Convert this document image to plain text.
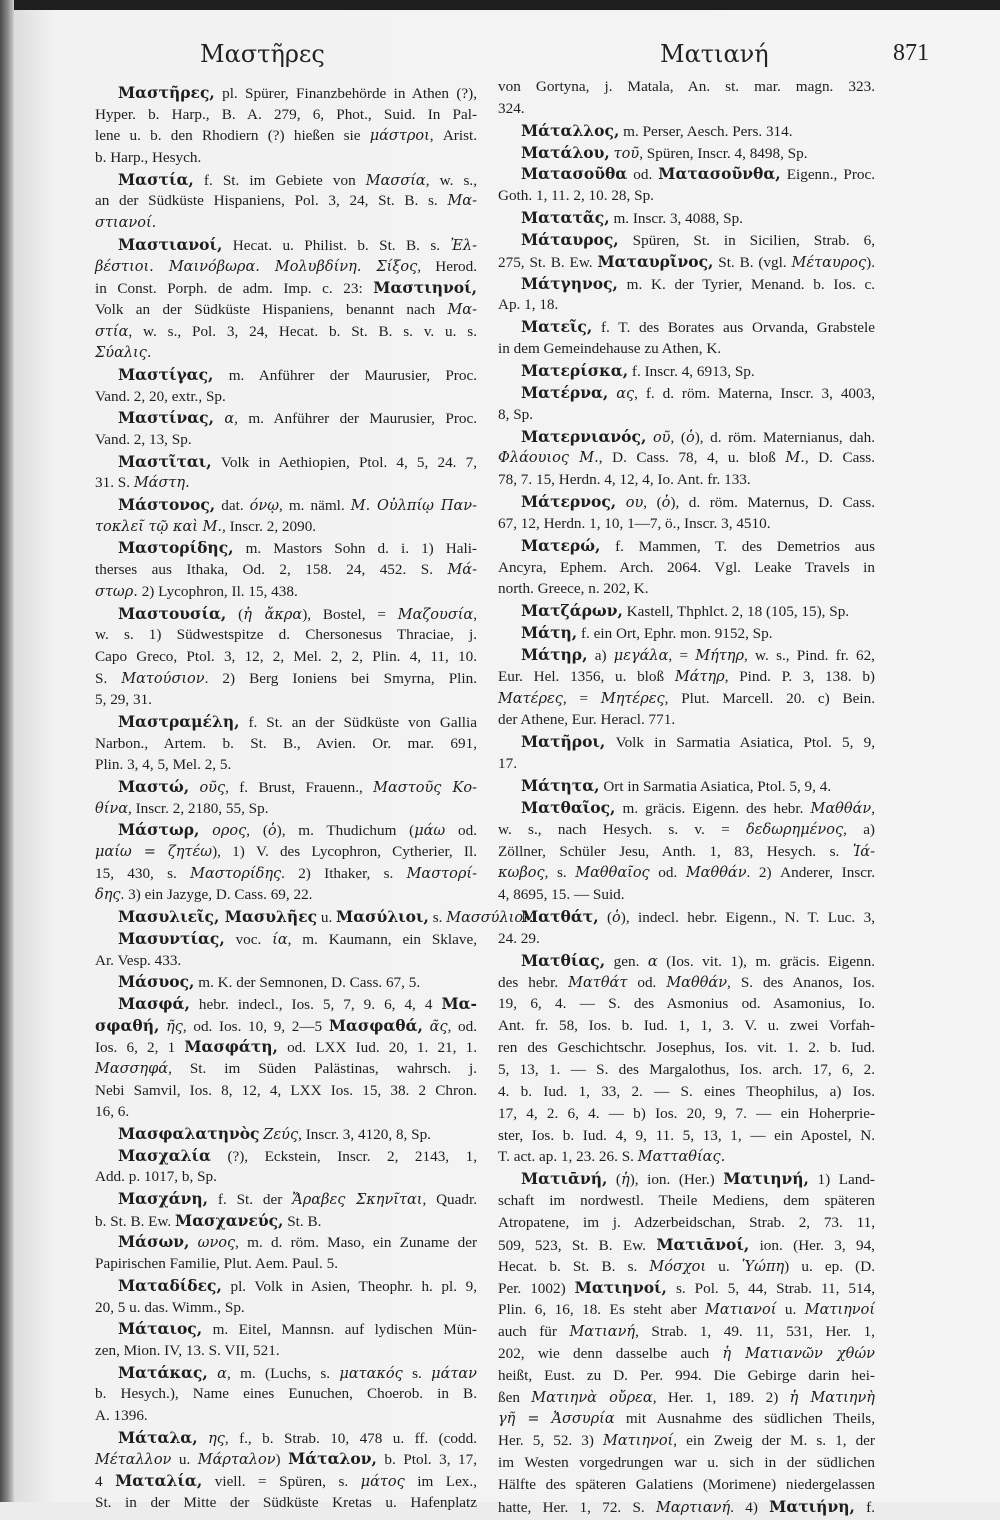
Μαστῆρες	Ματιανή	871
Μαστῆρες, pl. Spürer, Finanzbehörde in Athen (?),
Hyper. b. Harp., B. A. 279, 6, Phot., Suid. In Pal-
lene u. b. den Rhodiern (?) hießen sie μάστροι, Arist.
b. Harp., Hesych.
Μαστία, f. St. im Gebiete von Μασσία, w. s.,
an der Südküste Hispaniens, Pol. 3, 24, St. B. s. Μα-
στιανοί.
Μαστιανοί, Hecat. u. Philist. b. St. B. s. Ἐλ-
βέστιοι. Μαινόβωρα. Μολυβδίνη. Σίξος, Herod.
in Const. Porph. de adm. Imp. c. 23: Μαστιηνοί,
Volk an der Südküste Hispaniens, benannt nach Μα-
στία, w. s., Pol. 3, 24, Hecat. b. St. B. s. v. u. s.
Σύαλις.
Μαστίγας, m. Anführer der Maurusier, Proc.
Vand. 2, 20, extr., Sp.
Μαστίνας, α, m. Anführer der Maurusier, Proc.
Vand. 2, 13, Sp.
Μαστῖται, Volk in Aethiopien, Ptol. 4, 5, 24. 7,
31. S. Μάστη.
Μάστονος, dat. όνῳ, m. näml. Μ. Οὐλπίῳ Παν-
τοκλεῖ τῷ καὶ Μ., Inscr. 2, 2090.
Μαστορίδης, m. Mastors Sohn d. i. 1) Hali-
therses aus Ithaka, Od. 2, 158. 24, 452. S. Μά-
στωρ. 2) Lycophron, Il. 15, 438.
Μαστουσία, (ἡ ἄκρα), Bostel, = Μαζουσία,
w. s. 1) Südwestspitze d. Chersonesus Thraciae, j.
Capo Greco, Ptol. 3, 12, 2, Mel. 2, 2, Plin. 4, 11, 10.
S. Ματούσιον. 2) Berg Ioniens bei Smyrna, Plin.
5, 29, 31.
Μαστραμέλη, f. St. an der Südküste von Gallia
Narbon., Artem. b. St. B., Avien. Or. mar. 691,
Plin. 3, 4, 5, Mel. 2, 5.
Μαστώ, οῦς, f. Brust, Frauenn., Μαστοῦς Κο-
θίνα, Inscr. 2, 2180, 55, Sp.
Μάστωρ, ορος, (ὁ), m. Thudichum (μάω od.
μαίω = ζητέω), 1) V. des Lycophron, Cytherier, Il.
15, 430, s. Μαστορίδης. 2) Ithaker, s. Μαστορί-
δης. 3) ein Jazyge, D. Cass. 69, 22.
Μασυλιεῖς, Μασυλῆες u. Μασύλιοι, s. Μασσύλιοι.
Μασυντίας, voc. ία, m. Kaumann, ein Sklave,
Ar. Vesp. 433.
Μάσυος, m. K. der Semnonen, D. Cass. 67, 5.
Μασφά, hebr. indecl., Ios. 5, 7, 9. 6, 4, 4 Μα-
σφαθή, ῆς, od. Ios. 10, 9, 2—5 Μασφαθά, ᾶς, od.
Ios. 6, 2, 1 Μασφάτη, od. LXX Iud. 20, 1. 21, 1.
Μασσηφά, St. im Süden Palästinas, wahrsch. j.
Nebi Samvil, Ios. 8, 12, 4, LXX Ios. 15, 38. 2 Chron.
16, 6.
Μασφαλατηνὸς Ζεύς, Inscr. 3, 4120, 8, Sp.
Μασχαλία (?), Eckstein, Inscr. 2, 2143, 1,
Add. p. 1017, b, Sp.
Μασχάνη, f. St. der Ἄραβες Σκηνῖται, Quadr.
b. St. B. Ew. Μασχανεύς, St. B.
Μάσων, ωνος, m. d. röm. Maso, ein Zuname der
Papirischen Familie, Plut. Aem. Paul. 5.
Ματαδίδες, pl. Volk in Asien, Theophr. h. pl. 9,
20, 5 u. das. Wimm., Sp.
Μάταιος, m. Eitel, Mannsn. auf lydischen Mün-
zen, Mion. IV, 13. S. VII, 521.
Ματάκας, α, m. (Luchs, s. ματακός s. μάταν
b. Hesych.), Name eines Eunuchen, Choerob. in B.
A. 1396.
Μάταλα, ης, f., b. Strab. 10, 478 u. ff. (codd.
Μέταλλον u. Μάρταλον) Μάταλον, b. Ptol. 3, 17,
4 Ματαλία, viell. = Spüren, s. μάτος im Lex.,
St. in der Mitte der Südküste Kretas u. Hafenplatz
von Gortyna, j. Matala, An. st. mar. magn. 323.
324.
Μάταλλος, m. Perser, Aesch. Pers. 314.
Ματάλου, τοῦ, Spüren, Inscr. 4, 8498, Sp.
Ματασοῦθα od. Ματασοῦνθα, Eigenn., Proc.
Goth. 1, 11. 2, 10. 28, Sp.
Ματατᾶς, m. Inscr. 3, 4088, Sp.
Μάταυρος, Spüren, St. in Sicilien, Strab. 6,
275, St. B. Ew. Ματαυρῖνος, St. B. (vgl. Μέταυρος).
Μάτγηνος, m. K. der Tyrier, Menand. b. Ios. c.
Ap. 1, 18.
Ματεῖς, f. T. des Borates aus Orvanda, Grabstele
in dem Gemeindehause zu Athen, K.
Ματερίσκα, f. Inscr. 4, 6913, Sp.
Ματέρνα, ας, f. d. röm. Materna, Inscr. 3, 4003,
8, Sp.
Ματερνιανός, οῦ, (ὁ), d. röm. Maternianus, dah.
Φλάουιος Μ., D. Cass. 78, 4, u. bloß Μ., D. Cass.
78, 7. 15, Herdn. 4, 12, 4, Io. Ant. fr. 133.
Μάτερνος, ου, (ὁ), d. röm. Maternus, D. Cass.
67, 12, Herdn. 1, 10, 1—7, ö., Inscr. 3, 4510.
Ματερώ, f. Mammen, T. des Demetrios aus
Ancyra, Ephem. Arch. 2064. Vgl. Leake Travels in
north. Greece, n. 202, K.
Ματζάρων, Kastell, Thphlct. 2, 18 (105, 15), Sp.
Μάτη, f. ein Ort, Ephr. mon. 9152, Sp.
Μάτηρ, a) μεγάλα, = Μήτηρ, w. s., Pind. fr. 62,
Eur. Hel. 1356, u. bloß Μάτηρ, Pind. P. 3, 138. b)
Ματέρες, = Μητέρες, Plut. Marcell. 20. c) Bein.
der Athene, Eur. Heracl. 771.
Ματῆροι, Volk in Sarmatia Asiatica, Ptol. 5, 9,
17.
Μάτητα, Ort in Sarmatia Asiatica, Ptol. 5, 9, 4.
Ματθαῖος, m. gräcis. Eigenn. des hebr. Μαθθάν,
w. s., nach Hesych. s. v. = δεδωρημένος, a)
Zöllner, Schüler Jesu, Anth. 1, 83, Hesych. s. Ἰά-
κωβος, s. Μαθθαῖος od. Μαθθάν. 2) Anderer, Inscr.
4, 8695, 15. — Suid.
Ματθάτ, (ὁ), indecl. hebr. Eigenn., N. T. Luc. 3,
24. 29.
Ματθίας, gen. α (Ios. vit. 1), m. gräcis. Eigenn.
des hebr. Ματθάτ od. Μαθθάν, S. des Ananos, Ios.
19, 6, 4. — S. des Asmonius od. Asamonius, Io.
Ant. fr. 58, Ios. b. Iud. 1, 1, 3. V. u. zwei Vorfah-
ren des Geschichtschr. Josephus, Ios. vit. 1. 2. b. Iud.
5, 13, 1. — S. des Margalothus, Ios. arch. 17, 6, 2.
4. b. Iud. 1, 33, 2. — S. eines Theophilus, a) Ios.
17, 4, 2. 6, 4. — b) Ios. 20, 9, 7. — ein Hoherprie-
ster, Ios. b. Iud. 4, 9, 11. 5, 13, 1, — ein Apostel, N.
T. act. ap. 1, 23. 26. S. Ματταθίας.
Ματιᾱνή, (ἡ), ion. (Her.) Ματιηνή, 1) Land-
schaft im nordwestl. Theile Mediens, dem späteren
Atropatene, im j. Adzerbeidschan, Strab. 2, 73. 11,
509, 523, St. B. Ew. Ματιᾱνοί, ion. (Her. 3, 94,
Hecat. b. St. B. s. Μόσχοι u. Ὑώπη) u. ep. (D.
Per. 1002) Ματιηνοί, s. Pol. 5, 44, Strab. 11, 514,
Plin. 6, 16, 18. Es steht aber Ματιανοί u. Ματιηνοί
auch für Ματιανή, Strab. 1, 49. 11, 531, Her. 1,
202, wie denn dasselbe auch ἡ Ματιανῶν χθών
heißt, Eust. zu D. Per. 994. Die Gebirge darin hei-
ßen Ματιηνὰ οὔρεα, Her. 1, 189. 2) ἡ Ματιηνὴ
γῆ = Ἀσσυρία mit Ausnahme des südlichen Theils,
Her. 5, 52. 3) Ματιηνοί, ein Zweig der M. s. 1, der
im Westen vorgedrungen war u. sich in der südlichen
Hälfte des späteren Galatiens (Morimene) niedergelassen
hatte, Her. 1, 72. S. Μαρτιανή. 4) Ματιήνη, f.
